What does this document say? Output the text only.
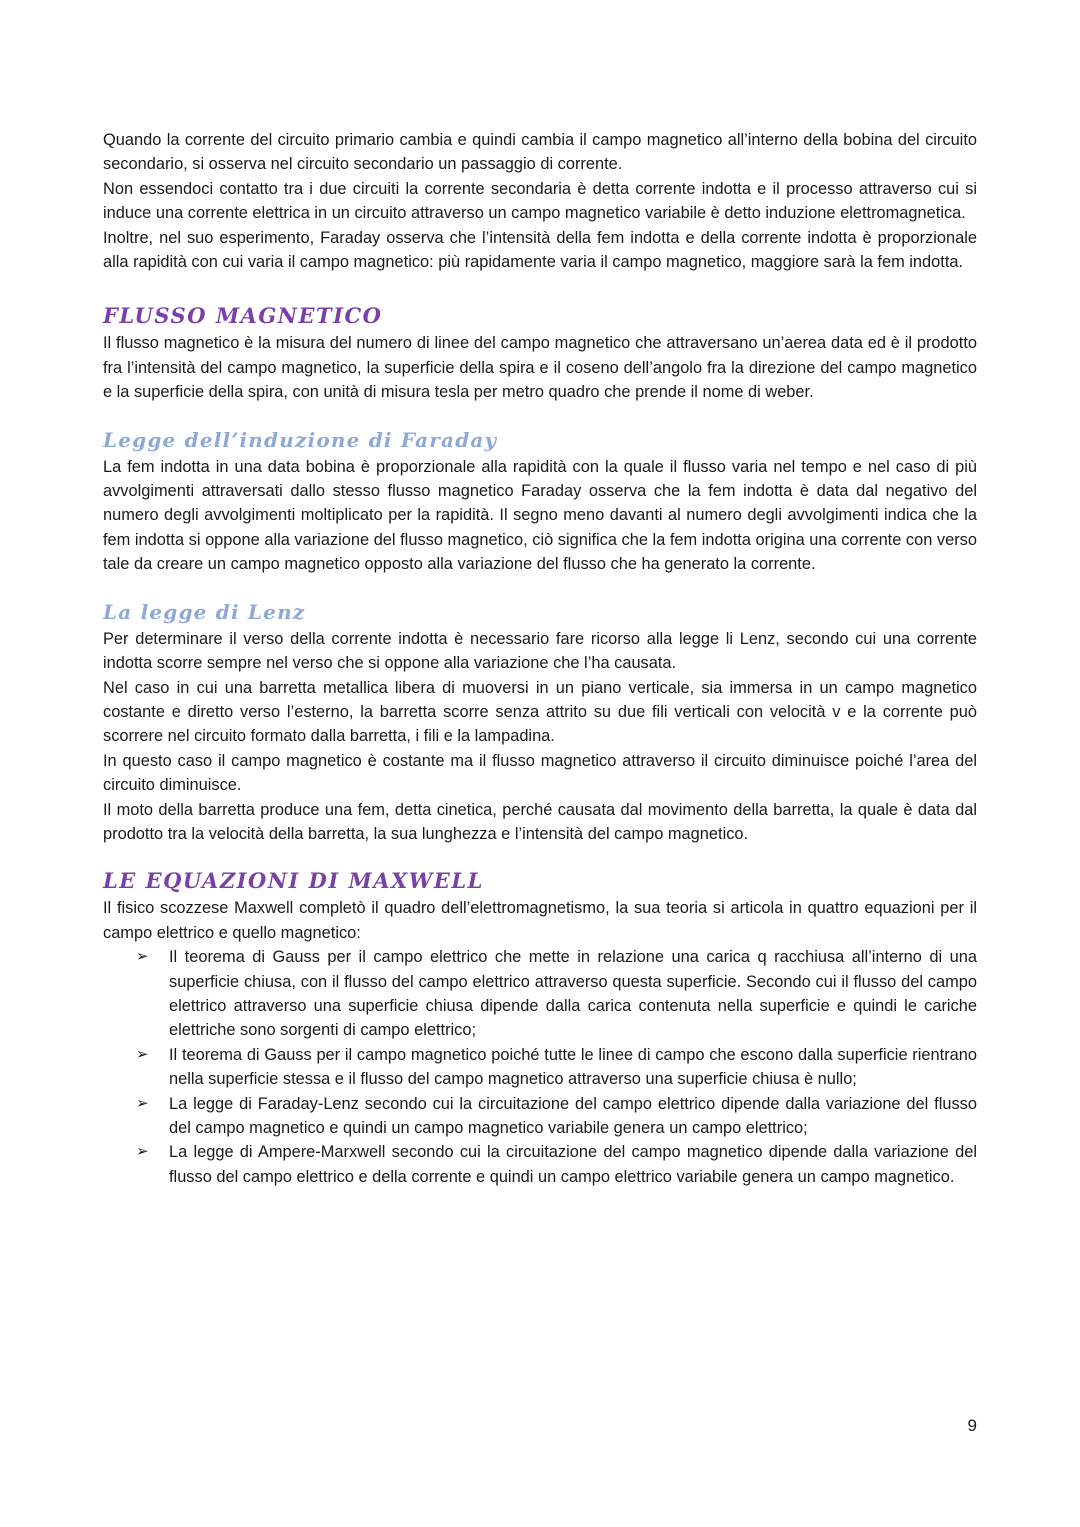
Quando la corrente del circuito primario cambia e quindi cambia il campo magnetico all’interno della bobina del circuito secondario, si osserva nel circuito secondario un passaggio di corrente.

Non essendoci contatto tra i due circuiti la corrente secondaria è detta corrente indotta e il processo attraverso cui si induce una corrente elettrica in un circuito attraverso un campo magnetico variabile è detto induzione elettromagnetica.

Inoltre, nel suo esperimento, Faraday osserva che l’intensità della fem indotta e della corrente indotta è proporzionale alla rapidità con cui varia il campo magnetico: più rapidamente varia il campo magnetico, maggiore sarà la fem indotta.

FLUSSO MAGNETICO

Il flusso magnetico è la misura del numero di linee del campo magnetico che attraversano un’aerea data ed è il prodotto fra l’intensità del campo magnetico, la superficie della spira e il coseno dell’angolo fra la direzione del campo magnetico e la superficie della spira, con unità di misura tesla per metro quadro che prende il nome di weber.

Legge dell’induzione di Faraday

La fem indotta in una data bobina è proporzionale alla rapidità con la quale il flusso varia nel tempo e nel caso di più avvolgimenti attraversati dallo stesso flusso magnetico Faraday osserva che la fem indotta è data dal negativo del numero degli avvolgimenti moltiplicato per la rapidità. Il segno meno davanti al numero degli avvolgimenti indica che la fem indotta si oppone alla variazione del flusso magnetico, ciò significa che la fem indotta origina una corrente con verso tale da creare un campo magnetico opposto alla variazione del flusso che ha generato la corrente.

La legge di Lenz

Per determinare il verso della corrente indotta è necessario fare ricorso alla legge li Lenz, secondo cui una corrente indotta scorre sempre nel verso che si oppone alla variazione che l’ha causata.

Nel caso in cui una barretta metallica libera di muoversi in un piano verticale, sia immersa in un campo magnetico costante e diretto verso l’esterno, la barretta scorre senza attrito su due fili verticali con velocità v e la corrente può scorrere nel circuito formato dalla barretta, i fili e la lampadina.

In questo caso il campo magnetico è costante ma il flusso magnetico attraverso il circuito diminuisce poiché l’area del circuito diminuisce.

Il moto della barretta produce una fem, detta cinetica, perché causata dal movimento della barretta, la quale è data dal prodotto tra la velocità della barretta, la sua lunghezza e l’intensità del campo magnetico.

LE EQUAZIONI DI MAXWELL

Il fisico scozzese Maxwell completò il quadro dell’elettromagnetismo, la sua teoria si articola in quattro equazioni per il campo elettrico e quello magnetico:

➢ Il teorema di Gauss per il campo elettrico che mette in relazione una carica q racchiusa all’interno di una superficie chiusa, con il flusso del campo elettrico attraverso questa superficie. Secondo cui il flusso del campo elettrico attraverso una superficie chiusa dipende dalla carica contenuta nella superficie e quindi le cariche elettriche sono sorgenti di campo elettrico;
➢ Il teorema di Gauss per il campo magnetico poiché tutte le linee di campo che escono dalla superficie rientrano nella superficie stessa e il flusso del campo magnetico attraverso una superficie chiusa è nullo;
➢ La legge di Faraday-Lenz secondo cui la circuitazione del campo elettrico dipende dalla variazione del flusso del campo magnetico e quindi un campo magnetico variabile genera un campo elettrico;
➢ La legge di Ampere-Marxwell secondo cui la circuitazione del campo magnetico dipende dalla variazione del flusso del campo elettrico e della corrente e quindi un campo elettrico variabile genera un campo magnetico.
9
